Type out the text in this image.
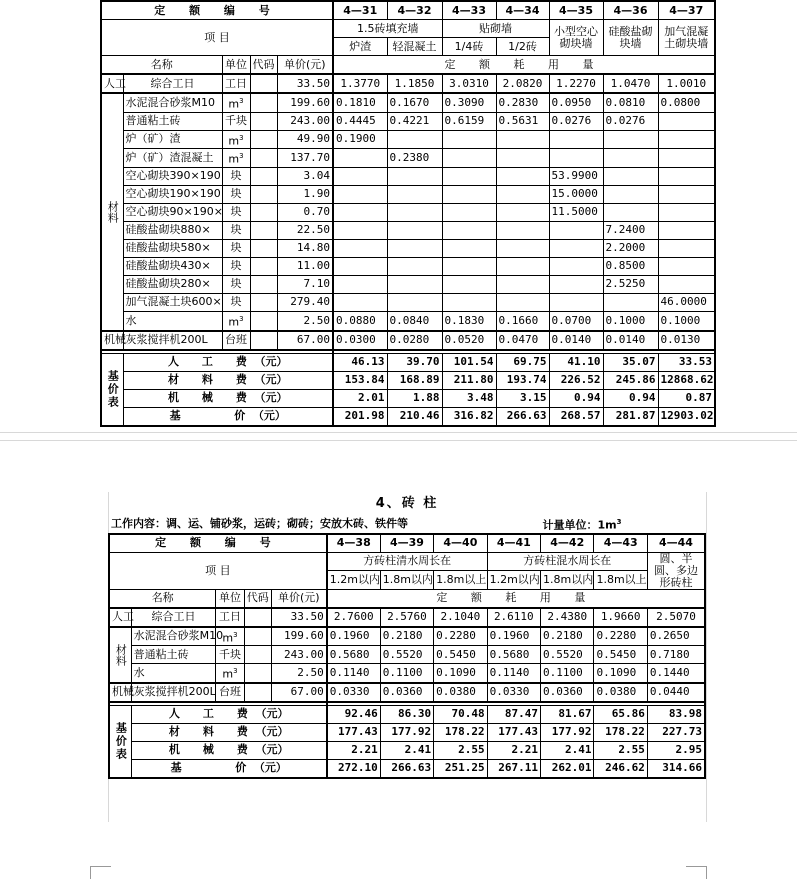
定 额 编 号					4—31	4—32	4—33	4—34	4—35	4—36	4—37
项 目					1.5砖填充墙		贴砌墙		小型空心砌块墙	硅酸盐砌块墙	加气混凝土砌块墙
					炉渣	轻混凝土	1/4砖	1/2砖			
名称		单位	代码	单价(元)	定 额 耗 用 量						
人工	综合工日	工日		33.50	1.3770	1.1850	3.0310	2.0820	1.2270	1.0470	1.0010
材料	水泥混合砂浆M10	$m^3$		199.60	0.1810	0.1670	0.3090	0.2830	0.0950	0.0810	0.0800
	普通粘土砖	千块		243.00	0.4445	0.4221	0.6159	0.5631	0.0276	0.0276	
	炉（矿）渣	$m^3$		49.90	0.1900						
	炉（矿）渣混凝土	$m^3$		137.70		0.2380					
	空心砌块390×190	块		3.04					53.9900		
	空心砌块190×190	块		1.90					15.0000		
	空心砌块90×190×	块		0.70					11.5000		
	硅酸盐砌块880×	块		22.50						7.2400	
	硅酸盐砌块580×	块		14.80						2.2000	
	硅酸盐砌块430×	块		11.00						0.8500	
	硅酸盐砌块280×	块		7.10						2.5250	
	加气混凝土块600×	块		279.40							46.0000
	水	$m^3$		2.50	0.0880	0.0840	0.1830	0.1660	0.0700	0.1000	0.1000
机械	灰浆搅拌机200L	台班		67.00	0.0300	0.0280	0.0520	0.0470	0.0140	0.0140	0.0130

基价表	人      工      费  （元）				46.13	39.70	101.54	69.75	41.10	35.07	33.53
	材      料      费  （元）				153.84	168.89	211.80	193.74	226.52	245.86	12868.62
	机      械      费  （元）				2.01	1.88	3.48	3.15	0.94	0.94	0.87
	基              价  （元）				201.98	210.46	316.82	266.63	268.57	281.87	12903.02
4、砖 柱											
工作内容：调、运、铺砂浆，运砖；砌砖；安放木砖、铁件等									计量单位：$1m^3$
定 额 编 号					4—38	4—39	4—40	4—41	4—42	4—43	4—44
项 目					方砖柱清水周长在			方砖柱混水周长在			圆、半圆、多边形砖柱
					1.2m以内	1.8m以内	1.8m以上	1.2m以内	1.8m以内	1.8m以上	
名称		单位	代码	单价(元)	定 额 耗 用 量						
人工	综合工日	工日		33.50	2.7600	2.5760	2.1040	2.6110	2.4380	1.9660	2.5070
材料	水泥混合砂浆M10	$m^3$		199.60	0.1960	0.2180	0.2280	0.1960	0.2180	0.2280	0.2650
	普通粘土砖	千块		243.00	0.5680	0.5520	0.5450	0.5680	0.5520	0.5450	0.7180
	水	$m^3$		2.50	0.1140	0.1100	0.1090	0.1140	0.1100	0.1090	0.1440
机械	灰浆搅拌机200L	台班		67.00	0.0330	0.0360	0.0380	0.0330	0.0360	0.0380	0.0440

基价表	人      工      费  （元）				92.46	86.30	70.48	87.47	81.67	65.86	83.98
	材      料      费  （元）				177.43	177.92	178.22	177.43	177.92	178.22	227.73
	机      械      费  （元）				2.21	2.41	2.55	2.21	2.41	2.55	2.95
	基              价  （元）				272.10	266.63	251.25	267.11	262.01	246.62	314.66
